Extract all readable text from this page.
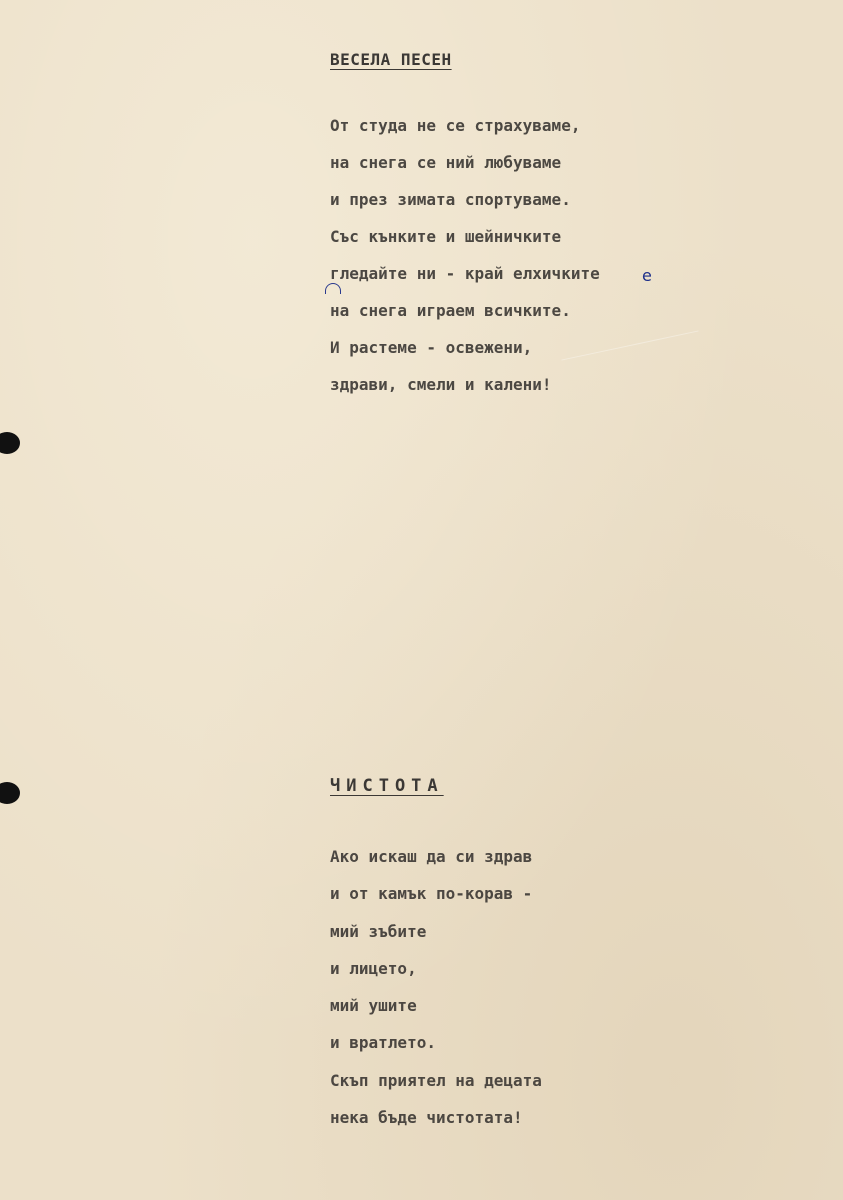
ВЕСЕЛА ПЕСЕН

От студа не се страхуваме,
на снега се ний любуваме
и през зимата спортуваме.
Със кънките и шейничките
гледайте ни - край елхичките
на снега играем всичките.
И растеме - освежени,
здрави, смели и калени!
e

ЧИСТОТА

Ако искаш да си здрав
и от камък по-корав -
мий зъбите
и лицето,
мий ушите
и вратлето.
Скъп приятел на децата
нека бъде чистотата!
